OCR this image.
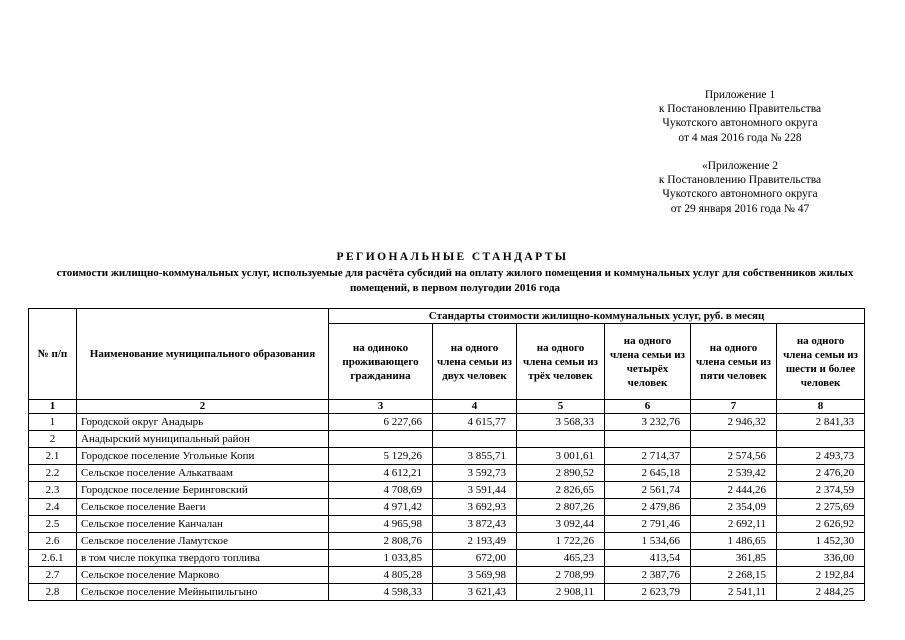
Приложение 1
к Постановлению Правительства
Чукотского автономного округа
от 4 мая 2016 года № 228
«Приложение 2
к Постановлению Правительства
Чукотского автономного округа
от 29 января 2016 года № 47
РЕГИОНАЛЬНЫЕ СТАНДАРТЫ
стоимости жилищно-коммунальных услуг, используемые для расчёта субсидий на оплату жилого помещения и коммунальных услуг для собственников жилых помещений, в первом полугодии 2016 года
№ п/п	Наименование муниципального образования	Стандарты стоимости жилищно-коммунальных услуг, руб. в месяц					
		на одиноко проживающего гражданина	на одного члена семьи из двух человек	на одного члена семьи из трёх человек	на одного члена семьи из четырёх человек	на одного члена семьи из пяти человек	на одного члена семьи из шести и более человек
1	2	3	4	5	6	7	8
1	Городской округ Анадырь	6 227,66	4 615,77	3 568,33	3 232,76	2 946,32	2 841,33
2	Анадырский муниципальный район						
2.1	Городское поселение Угольные Копи	5 129,26	3 855,71	3 001,61	2 714,37	2 574,56	2 493,73
2.2	Сельское поселение Алькатваам	4 612,21	3 592,73	2 890,52	2 645,18	2 539,42	2 476,20
2.3	Городское поселение Беринговский	4 708,69	3 591,44	2 826,65	2 561,74	2 444,26	2 374,59
2.4	Сельское поселение Ваеги	4 971,42	3 692,93	2 807,26	2 479,86	2 354,09	2 275,69
2.5	Сельское поселение Канчалан	4 965,98	3 872,43	3 092,44	2 791,46	2 692,11	2 626,92
2.6	Сельское поселение Ламутское	2 808,76	2 193,49	1 722,26	1 534,66	1 486,65	1 452,30
2.6.1	в том числе покупка твердого топлива	1 033,85	672,00	465,23	413,54	361,85	336,00
2.7	Сельское поселение Марково	4 805,28	3 569,98	2 708,99	2 387,76	2 268,15	2 192,84
2.8	Сельское поселение Мейныпильгыно	4 598,33	3 621,43	2 908,11	2 623,79	2 541,11	2 484,25
